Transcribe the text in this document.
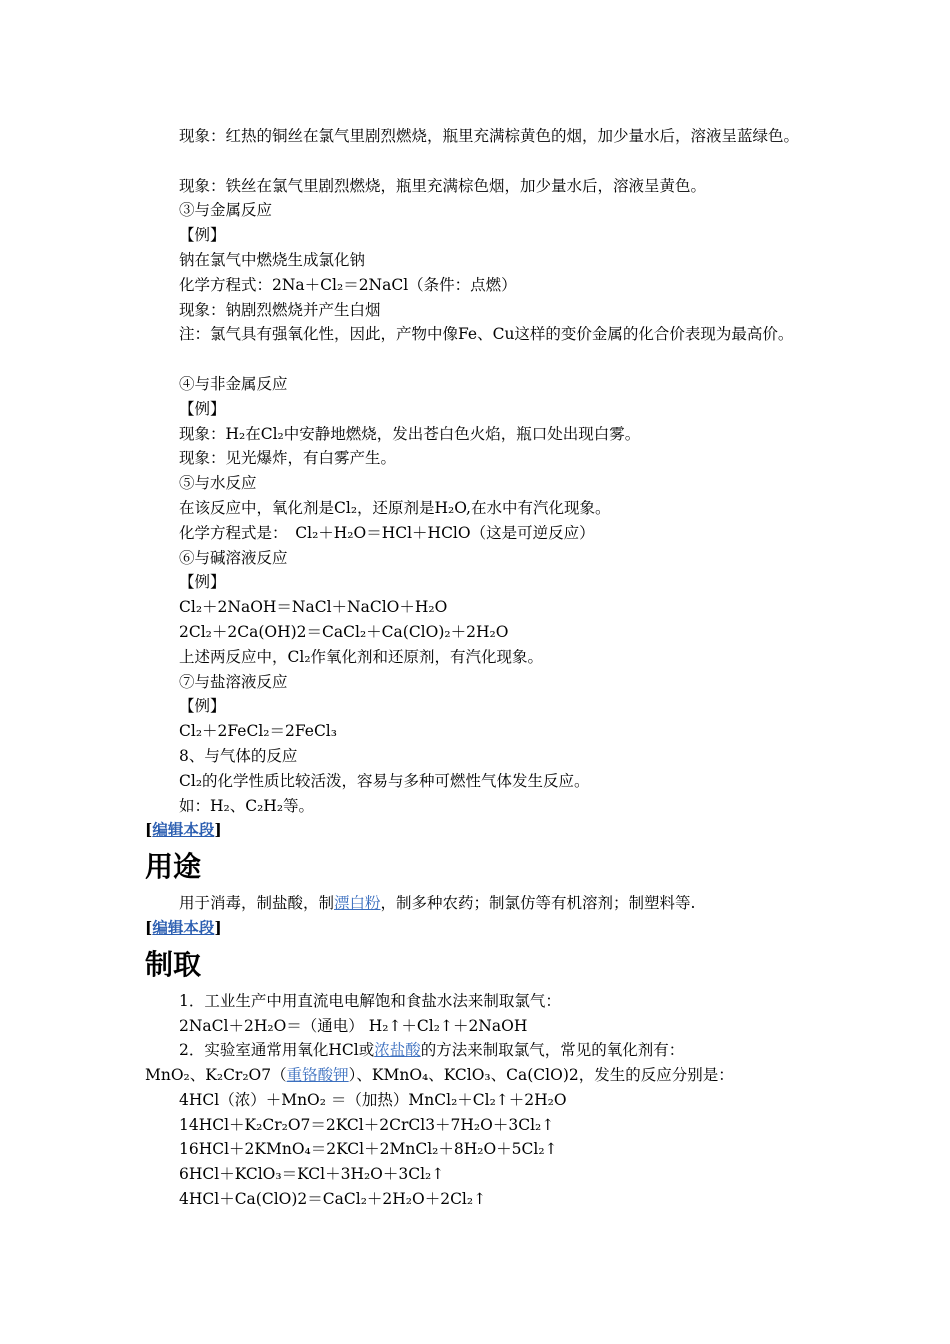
现象：红热的铜丝在氯气里剧烈燃烧，瓶里充满棕黄色的烟，加少量水后，溶液呈蓝绿色。
现象：铁丝在氯气里剧烈燃烧，瓶里充满棕色烟，加少量水后，溶液呈黄色。
③与金属反应
【例】
钠在氯气中燃烧生成氯化钠
化学方程式：2Na＋Cl₂＝2NaCl（条件：点燃）
现象：钠剧烈燃烧并产生白烟
注：氯气具有强氧化性，因此，产物中像Fe、Cu这样的变价金属的化合价表现为最高价。
④与非金属反应
【例】
现象：H₂在Cl₂中安静地燃烧，发出苍白色火焰，瓶口处出现白雾。
现象：见光爆炸，有白雾产生。
⑤与水反应
在该反应中，氧化剂是Cl₂，还原剂是H₂O,在水中有汽化现象。
化学方程式是：　Cl₂＋H₂O＝HCl＋HClO（这是可逆反应）
⑥与碱溶液反应
【例】
Cl₂＋2NaOH＝NaCl＋NaClO＋H₂O
2Cl₂＋2Ca(OH)2＝CaCl₂＋Ca(ClO)₂＋2H₂O
上述两反应中，Cl₂作氧化剂和还原剂，有汽化现象。
⑦与盐溶液反应
【例】
Cl₂＋2FeCl₂＝2FeCl₃
8、与气体的反应
Cl₂的化学性质比较活泼，容易与多种可燃性气体发生反应。
如：H₂、C₂H₂等。
[编辑本段]
用途
用于消毒，制盐酸，制漂白粉，制多种农药；制氯仿等有机溶剂；制塑料等.
[编辑本段]
制取
1．工业生产中用直流电电解饱和食盐水法来制取氯气：
2NaCl＋2H₂O＝（通电） H₂↑＋Cl₂↑＋2NaOH
2．实验室通常用氧化HCl或浓盐酸的方法来制取氯气，常见的氧化剂有：
MnO₂、K₂Cr₂O7（重铬酸钾）、KMnO₄、KClO₃、Ca(ClO)2，发生的反应分别是：
4HCl（浓）＋MnO₂ ＝（加热）MnCl₂＋Cl₂↑＋2H₂O
14HCl＋K₂Cr₂O7＝2KCl＋2CrCl3＋7H₂O＋3Cl₂↑
16HCl＋2KMnO₄＝2KCl＋2MnCl₂＋8H₂O＋5Cl₂↑
6HCl＋KClO₃＝KCl＋3H₂O＋3Cl₂↑
4HCl＋Ca(ClO)2＝CaCl₂＋2H₂O＋2Cl₂↑
